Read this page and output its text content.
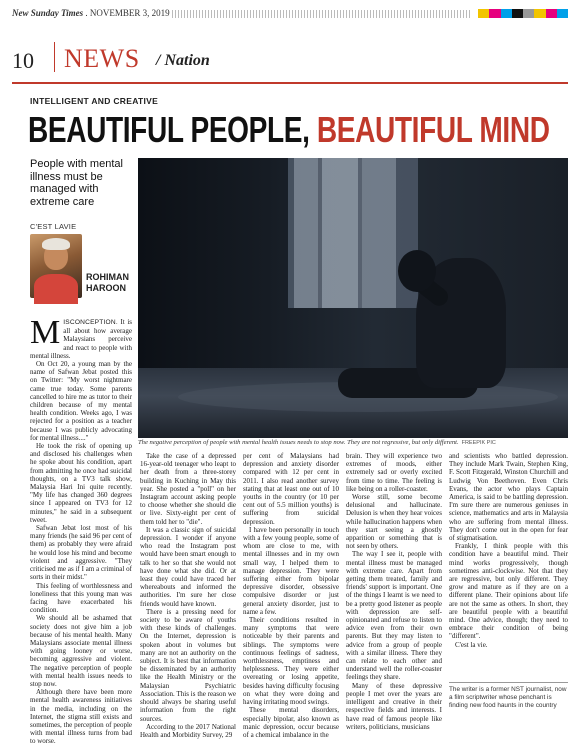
New Sunday Times . NOVEMBER 3, 2019
10 NEWS / Nation
INTELLIGENT AND CREATIVE
BEAUTIFUL PEOPLE, BEAUTIFUL MIND
People with mental illness must be managed with extreme care
C'EST LAVIE
ROHIMAN
HAROON
The negative perception of people with mental health issues needs to stop now. They are not regressive, but only different. FREEPIK PIC

MISCONCEPTION. It is all about how average Malaysians perceive and react to people with mental illness.

On Oct 20, a young man by the name of Safwan Jebat posted this on Twitter: "My worst nightmare came true today. Some parents cancelled to hire me as tutor to their children because of my mental health condition. Weeks ago, I was rejected for a position as a teacher because I was publicly advocating for mental illness...."

He took the risk of opening up and disclosed his challenges when he spoke about his condition, apart from admitting he once had suicidal thoughts, on a TV3 talk show, Malaysia Hari Ini quite recently. "My life has changed 360 degrees since I appeared on TV3 for 12 minutes," he said in a subsequent tweet.

Safwan Jebat lost most of his many friends (he said 96 per cent of them) as probably they were afraid he would lose his mind and become violent and aggressive. "They criticised me as if I am a criminal of sorts in their midst."

This feeling of worthlessness and loneliness that this young man was facing have exacerbated his condition.

We should all be ashamed that society does not give him a job because of his mental health. Many Malaysians associate mental illness with going looney or worse, becoming aggressive and violent. The negative perception of people with mental health issues needs to stop now.

Although there have been more mental health awareness initiatives in the media, including on the Internet, the stigma still exists and sometimes, the perception of people with mental illness turns from bad to worse.

Take the case of a depressed 16-year-old teenager who leapt to her death from a three-storey building in Kuching in May this year. She posted a "poll" on her Instagram account asking people to choose whether she should die or live. Sixty-eight per cent of them told her to "die".

It was a classic sign of suicidal depression. I wonder if anyone who read the Instagram post would have been smart enough to talk to her so that she would not have done what she did. Or at least they could have traced her whereabouts and informed the authorities. I'm sure her close friends would have known.

There is a pressing need for society to be aware of youths with these kinds of challenges. On the Internet, depression is spoken about in volumes but many are not an authority on the subject. It is best that information be disseminated by an authority like the Health Ministry or the Malaysian Psychiatric Association. This is the reason we should always be sharing useful information from the right sources.

According to the 2017 National Health and Morbidity Survey, 29

per cent of Malaysians had depression and anxiety disorder compared with 12 per cent in 2011. I also read another survey stating that at least one out of 10 youths in the country (or 10 per cent out of 5.5 million youths) is suffering from suicidal depression.

I have been personally in touch with a few young people, some of whom are close to me, with mental illnesses and in my own small way, I helped them to manage depression. They were suffering either from bipolar depressive disorder, obsessive compulsive disorder or just general anxiety disorder, just to name a few.

Their conditions resulted in many symptoms that were noticeable by their parents and siblings. The symptoms were continuous feelings of sadness, worthlessness, emptiness and helplessness. They were either overeating or losing appetite, besides having difficulty focusing on what they were doing and having irritating mood swings.

These mental disorders, especially bipolar, also known as manic depression, occur because of a chemical imbalance in the

brain. They will experience two extremes of moods, either extremely sad or overly excited from time to time. The feeling is like being on a roller-coaster.

Worse still, some become delusional and hallucinate. Delusion is when they hear voices while hallucination happens when they start seeing a ghostly apparition or something that is not seen by others.

The way I see it, people with mental illness must be managed with extreme care. Apart from getting them treated, family and friends' support is important. One of the things I learnt is we need to be a pretty good listener as people with depression are self-opinionated and refuse to listen to advice even from their own parents. But they may listen to advice from a group of people with a similar illness. There they can relate to each other and understand well the roller-coaster feelings they share.

Many of these depressive people I met over the years are intelligent and creative in their respective fields and interests. I have read of famous people like writers, politicians, musicians

and scientists who battled depression. They include Mark Twain, Stephen King, F. Scott Fitzgerald, Winston Churchill and Ludwig Von Beethoven. Even Chris Evans, the actor who plays Captain America, is said to be battling depression. I'm sure there are numerous geniuses in science, mathematics and arts in Malaysia who are suffering from mental illness. They don't come out in the open for fear of stigmatisation.

Frankly, I think people with this condition have a beautiful mind. Their mind works progressively, though sometimes anti-clockwise. Not that they are regressive, but only different. They grow and mature as if they are on a different plane. Their opinions about life are not the same as others. In short, they are beautiful people with a beautiful mind. One advice, though; they need to embrace their condition of being "different".

C'est la vie.

The writer is a former NST journalist, now a film scriptwriter whose penchant is finding new food haunts in the country
